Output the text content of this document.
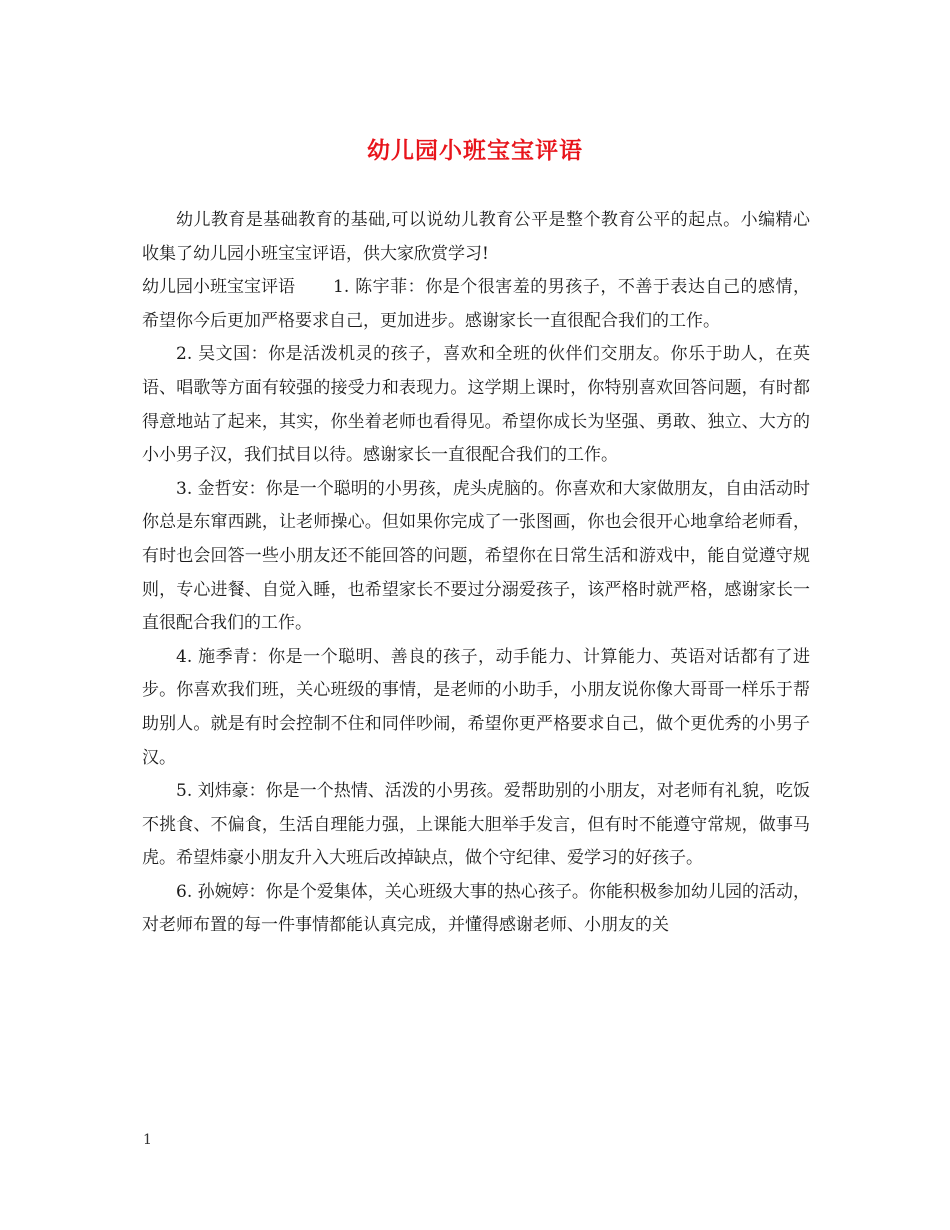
幼儿园小班宝宝评语

幼儿教育是基础教育的基础,可以说幼儿教育公平是整个教育公平的起点。小编精心收集了幼儿园小班宝宝评语，供大家欣赏学习!

幼儿园小班宝宝评语 1. 陈宇菲：你是个很害羞的男孩子，不善于表达自己的感情，希望你今后更加严格要求自己，更加进步。感谢家长一直很配合我们的工作。

2. 吴文国：你是活泼机灵的孩子，喜欢和全班的伙伴们交朋友。你乐于助人，在英语、唱歌等方面有较强的接受力和表现力。这学期上课时，你特别喜欢回答问题，有时都得意地站了起来，其实，你坐着老师也看得见。希望你成长为坚强、勇敢、独立、大方的小小男子汉，我们拭目以待。感谢家长一直很配合我们的工作。

3. 金哲安：你是一个聪明的小男孩，虎头虎脑的。你喜欢和大家做朋友，自由活动时你总是东窜西跳，让老师操心。但如果你完成了一张图画，你也会很开心地拿给老师看，有时也会回答一些小朋友还不能回答的问题，希望你在日常生活和游戏中，能自觉遵守规则，专心进餐、自觉入睡，也希望家长不要过分溺爱孩子，该严格时就严格，感谢家长一直很配合我们的工作。

4. 施季青：你是一个聪明、善良的孩子，动手能力、计算能力、英语对话都有了进步。你喜欢我们班，关心班级的事情，是老师的小助手，小朋友说你像大哥哥一样乐于帮助别人。就是有时会控制不住和同伴吵闹，希望你更严格要求自己，做个更优秀的小男子汉。

5. 刘炜豪：你是一个热情、活泼的小男孩。爱帮助别的小朋友，对老师有礼貌，吃饭不挑食、不偏食，生活自理能力强，上课能大胆举手发言，但有时不能遵守常规，做事马虎。希望炜豪小朋友升入大班后改掉缺点，做个守纪律、爱学习的好孩子。

6. 孙婉婷：你是个爱集体，关心班级大事的热心孩子。你能积极参加幼儿园的活动，对老师布置的每一件事情都能认真完成，并懂得感谢老师、小朋友的关

1
